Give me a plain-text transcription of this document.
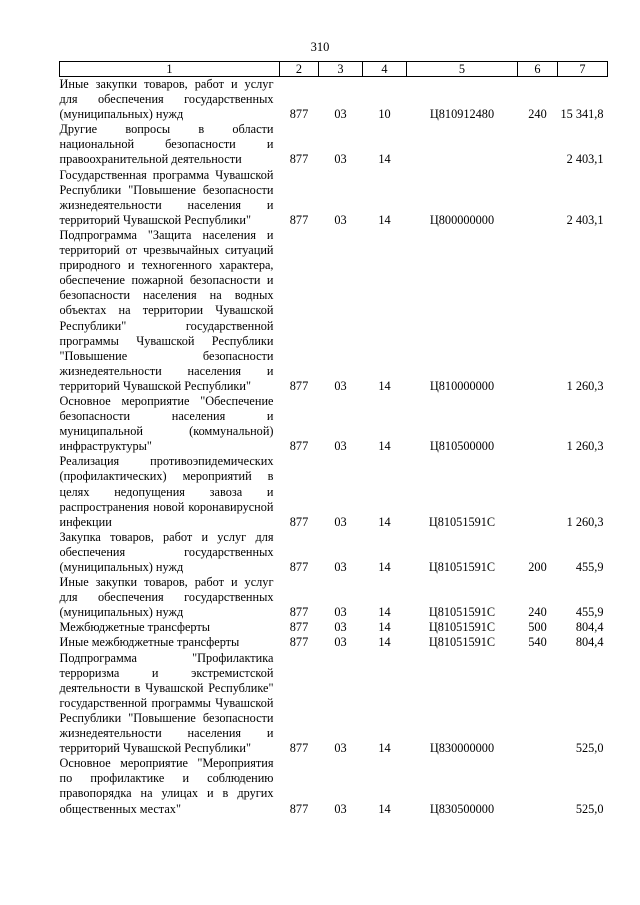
310
1	2	3	4	5	6	7
Иные закупки товаров, работ и услуг для обеспечения государственных (муниципальных) нужд	877	03	10	Ц810912480	240	15 341,8
Другие вопросы в области национальной безопасности и правоохранительной деятельности	877	03	14			2 403,1
Государственная программа Чувашской Республики "Повышение безопасности жизнедеятельности населения и территорий Чувашской Республики"	877	03	14	Ц800000000		2 403,1
Подпрограмма "Защита населения и территорий от чрезвычайных ситуаций природного и техногенного характера, обеспечение пожарной безопасности и безопасности населения на водных объектах на территории Чувашской Республики" государственной программы Чувашской Республики "Повышение безопасности жизнедеятельности населения и территорий Чувашской Республики"	877	03	14	Ц810000000		1 260,3
Основное мероприятие "Обеспечение безопасности населения и муниципальной (коммунальной) инфраструктуры"	877	03	14	Ц810500000		1 260,3
Реализация противоэпидемических (профилактических) мероприятий в целях недопущения завоза и распространения новой коронавирусной инфекции	877	03	14	Ц81051591С		1 260,3
Закупка товаров, работ и услуг для обеспечения государственных (муниципальных) нужд	877	03	14	Ц81051591С	200	455,9
Иные закупки товаров, работ и услуг для обеспечения государственных (муниципальных) нужд	877	03	14	Ц81051591С	240	455,9
Межбюджетные трансферты	877	03	14	Ц81051591С	500	804,4
Иные межбюджетные трансферты	877	03	14	Ц81051591С	540	804,4
Подпрограмма "Профилактика терроризма и экстремистской деятельности в Чувашской Республике" государственной программы Чувашской Республики "Повышение безопасности жизнедеятельности населения и территорий Чувашской Республики"	877	03	14	Ц830000000		525,0
Основное мероприятие "Мероприятия по профилактике и соблюдению правопорядка на улицах и в других общественных местах"	877	03	14	Ц830500000		525,0
